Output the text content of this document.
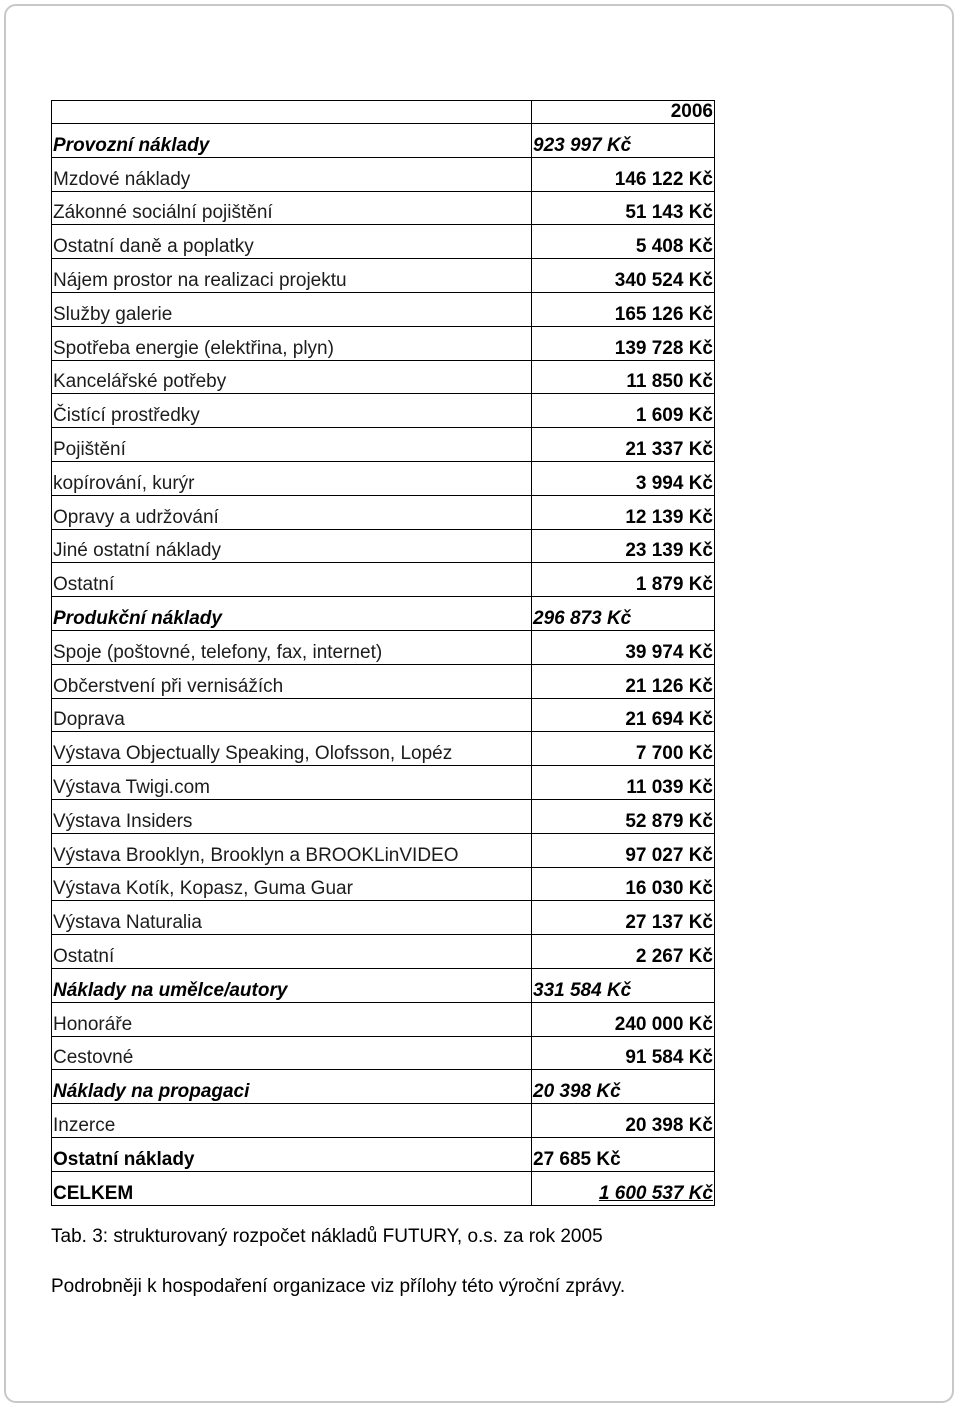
	2006
Provozní náklady	923 997 Kč
Mzdové náklady	146 122 Kč
Zákonné sociální pojištění	51 143 Kč
Ostatní daně a poplatky	5 408 Kč
Nájem prostor na realizaci projektu	340 524 Kč
Služby galerie	165 126 Kč
Spotřeba energie (elektřina, plyn)	139 728 Kč
Kancelářské potřeby	11 850 Kč
Čistící prostředky	1 609 Kč
Pojištění	21 337 Kč
kopírování, kurýr	3 994 Kč
Opravy a udržování	12 139 Kč
Jiné ostatní náklady	23 139 Kč
Ostatní	1 879 Kč
Produkční náklady	296 873 Kč
Spoje (poštovné, telefony, fax, internet)	39 974 Kč
Občerstvení při vernisážích	21 126 Kč
Doprava	21 694 Kč
Výstava Objectually Speaking, Olofsson, Lopéz	7 700 Kč
Výstava Twigi.com	11 039 Kč
Výstava Insiders	52 879 Kč
Výstava Brooklyn, Brooklyn a BROOKLinVIDEO	97 027 Kč
Výstava Kotík, Kopasz, Guma Guar	16 030 Kč
Výstava Naturalia	27 137 Kč
Ostatní	2 267 Kč
Náklady na umělce/autory	331 584 Kč
Honoráře	240 000 Kč
Cestovné	91 584 Kč
Náklady na propagaci	20 398 Kč
Inzerce	20 398 Kč
Ostatní náklady	27 685 Kč
CELKEM	1 600 537 Kč
Tab. 3: strukturovaný rozpočet nákladů FUTURY, o.s. za rok 2005
Podrobněji k hospodaření organizace viz přílohy této výroční zprávy.
